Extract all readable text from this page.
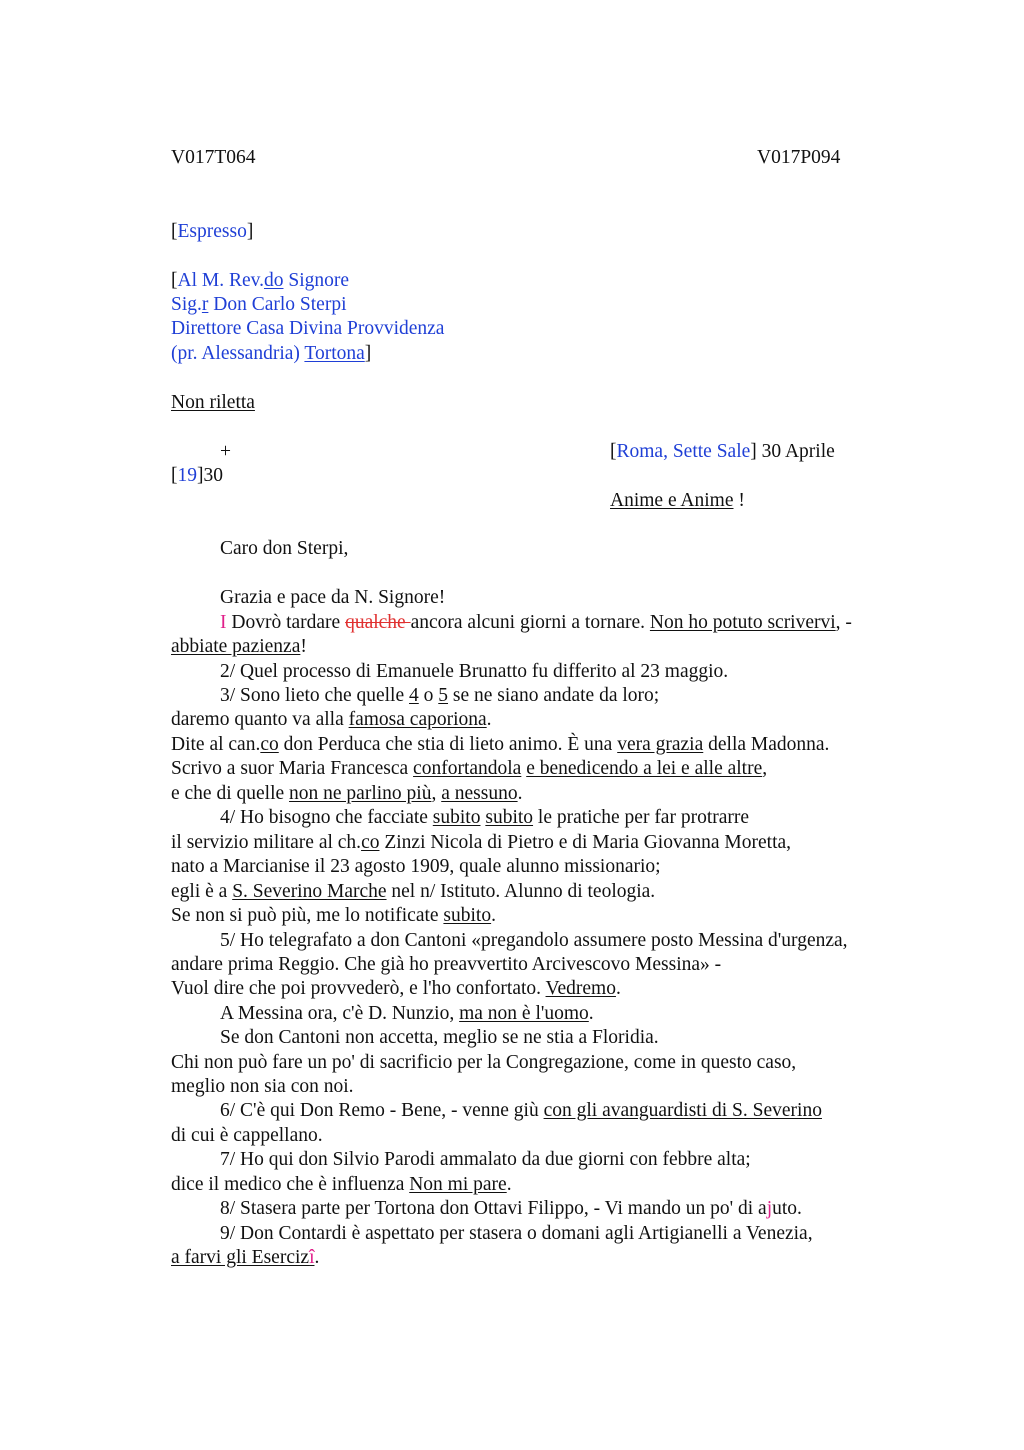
V017T064	V017P094
[Espresso]
[Al M. Rev.do Signore
Sig.r Don Carlo Sterpi
Direttore Casa Divina Provvidenza
(pr. Alessandria) Tortona]
Non riletta
+	[Roma, Sette Sale] 30 Aprile
[19]30
Anime e Anime !
Caro don Sterpi,
Grazia e pace da N. Signore!
I Dovrò tardare qualche ancora alcuni giorni a tornare. Non ho potuto scrivervi, -
abbiate pazienza!
2/ Quel processo di Emanuele Brunatto fu differito al 23 maggio.
3/ Sono lieto che quelle 4 o 5 se ne siano andate da loro;
daremo quanto va alla famosa caporiona.
Dite al can.co don Perduca che stia di lieto animo. È una vera grazia della Madonna.
Scrivo a suor Maria Francesca confortandola e benedicendo a lei e alle altre,
e che di quelle non ne parlino più, a nessuno.
4/ Ho bisogno che facciate subito subito le pratiche per far protrarre
il servizio militare al ch.co Zinzi Nicola di Pietro e di Maria Giovanna Moretta,
nato a Marcianise il 23 agosto 1909, quale alunno missionario;
egli è a S. Severino Marche nel n/ Istituto. Alunno di teologia.
Se non si può più, me lo notificate subito.
5/ Ho telegrafato a don Cantoni «pregandolo assumere posto Messina d'urgenza,
andare prima Reggio. Che già ho preavvertito Arcivescovo Messina» -
Vuol dire che poi provvederò, e l'ho confortato. Vedremo.
A Messina ora, c'è D. Nunzio, ma non è l'uomo.
Se don Cantoni non accetta, meglio se ne stia a Floridia.
Chi non può fare un po' di sacrificio per la Congregazione, come in questo caso,
meglio non sia con noi.
6/ C'è qui Don Remo - Bene, - venne giù con gli avanguardisti di S. Severino
di cui è cappellano.
7/ Ho qui don Silvio Parodi ammalato da due giorni con febbre alta;
dice il medico che è influenza Non mi pare.
8/ Stasera parte per Tortona don Ottavi Filippo, - Vi mando un po' di ajuto.
9/ Don Contardi è aspettato per stasera o domani agli Artigianelli a Venezia,
a farvi gli Esercizî.
